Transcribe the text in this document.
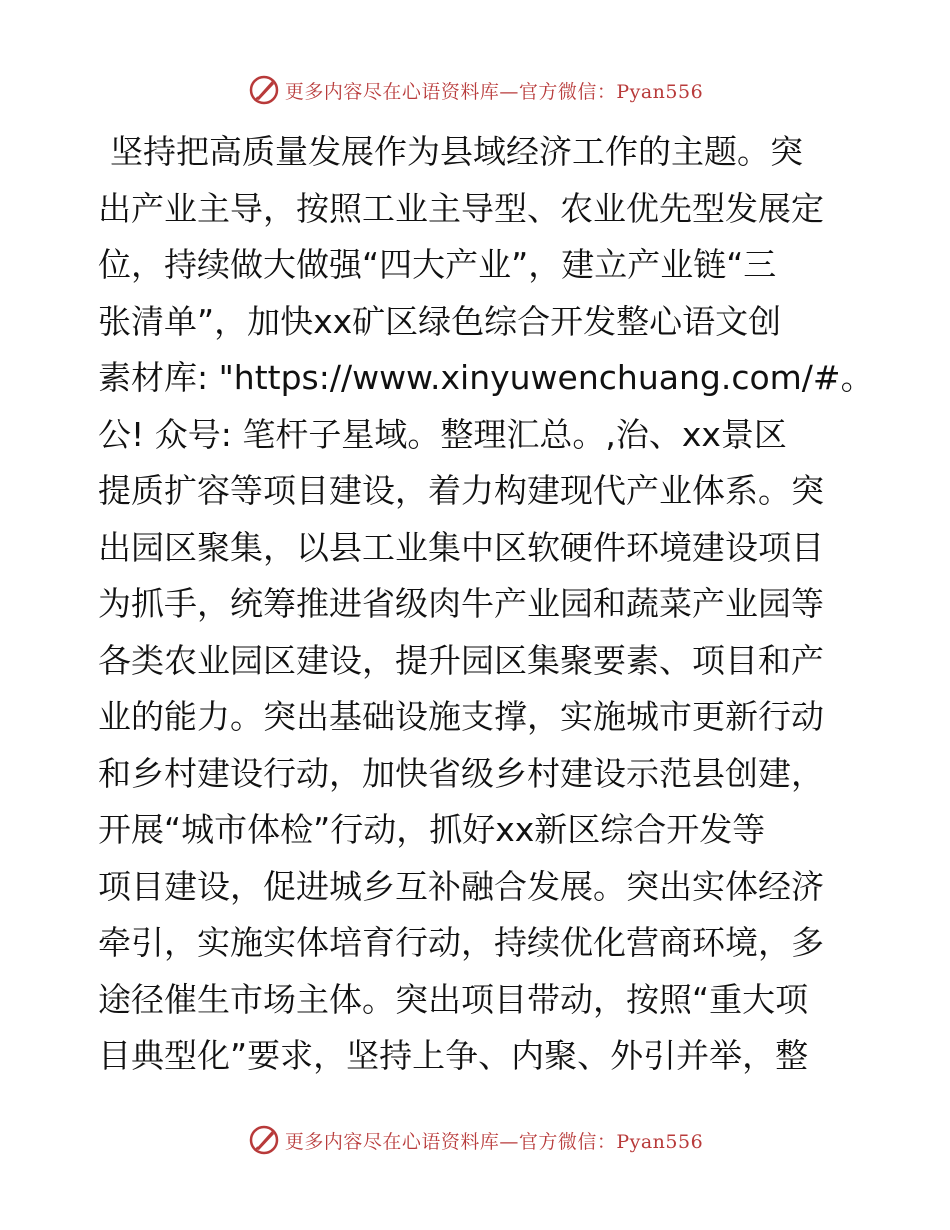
更多内容尽在心语资料库—官方微信：Pyan556
坚持把高质量发展作为县域经济工作的主题。突
出产业主导，按照工业主导型、农业优先型发展定
位，持续做大做强“四大产业”，建立产业链“三
张清单”，加快xx矿区绿色综合开发整心语文创
素材库: "https://www.xinyuwenchuang.com/#。
公! 众号: 笔杆子星域。整理汇总。,治、xx景区
提质扩容等项目建设，着力构建现代产业体系。突
出园区聚集，以县工业集中区软硬件环境建设项目
为抓手，统筹推进省级肉牛产业园和蔬菜产业园等
各类农业园区建设，提升园区集聚要素、项目和产
业的能力。突出基础设施支撑，实施城市更新行动
和乡村建设行动，加快省级乡村建设示范县创建，
开展“城市体检”行动，抓好xx新区综合开发等
项目建设，促进城乡互补融合发展。突出实体经济
牵引，实施实体培育行动，持续优化营商环境，多
途径催生市场主体。突出项目带动，按照“重大项
目典型化”要求，坚持上争、内聚、外引并举，整
更多内容尽在心语资料库—官方微信：Pyan556
